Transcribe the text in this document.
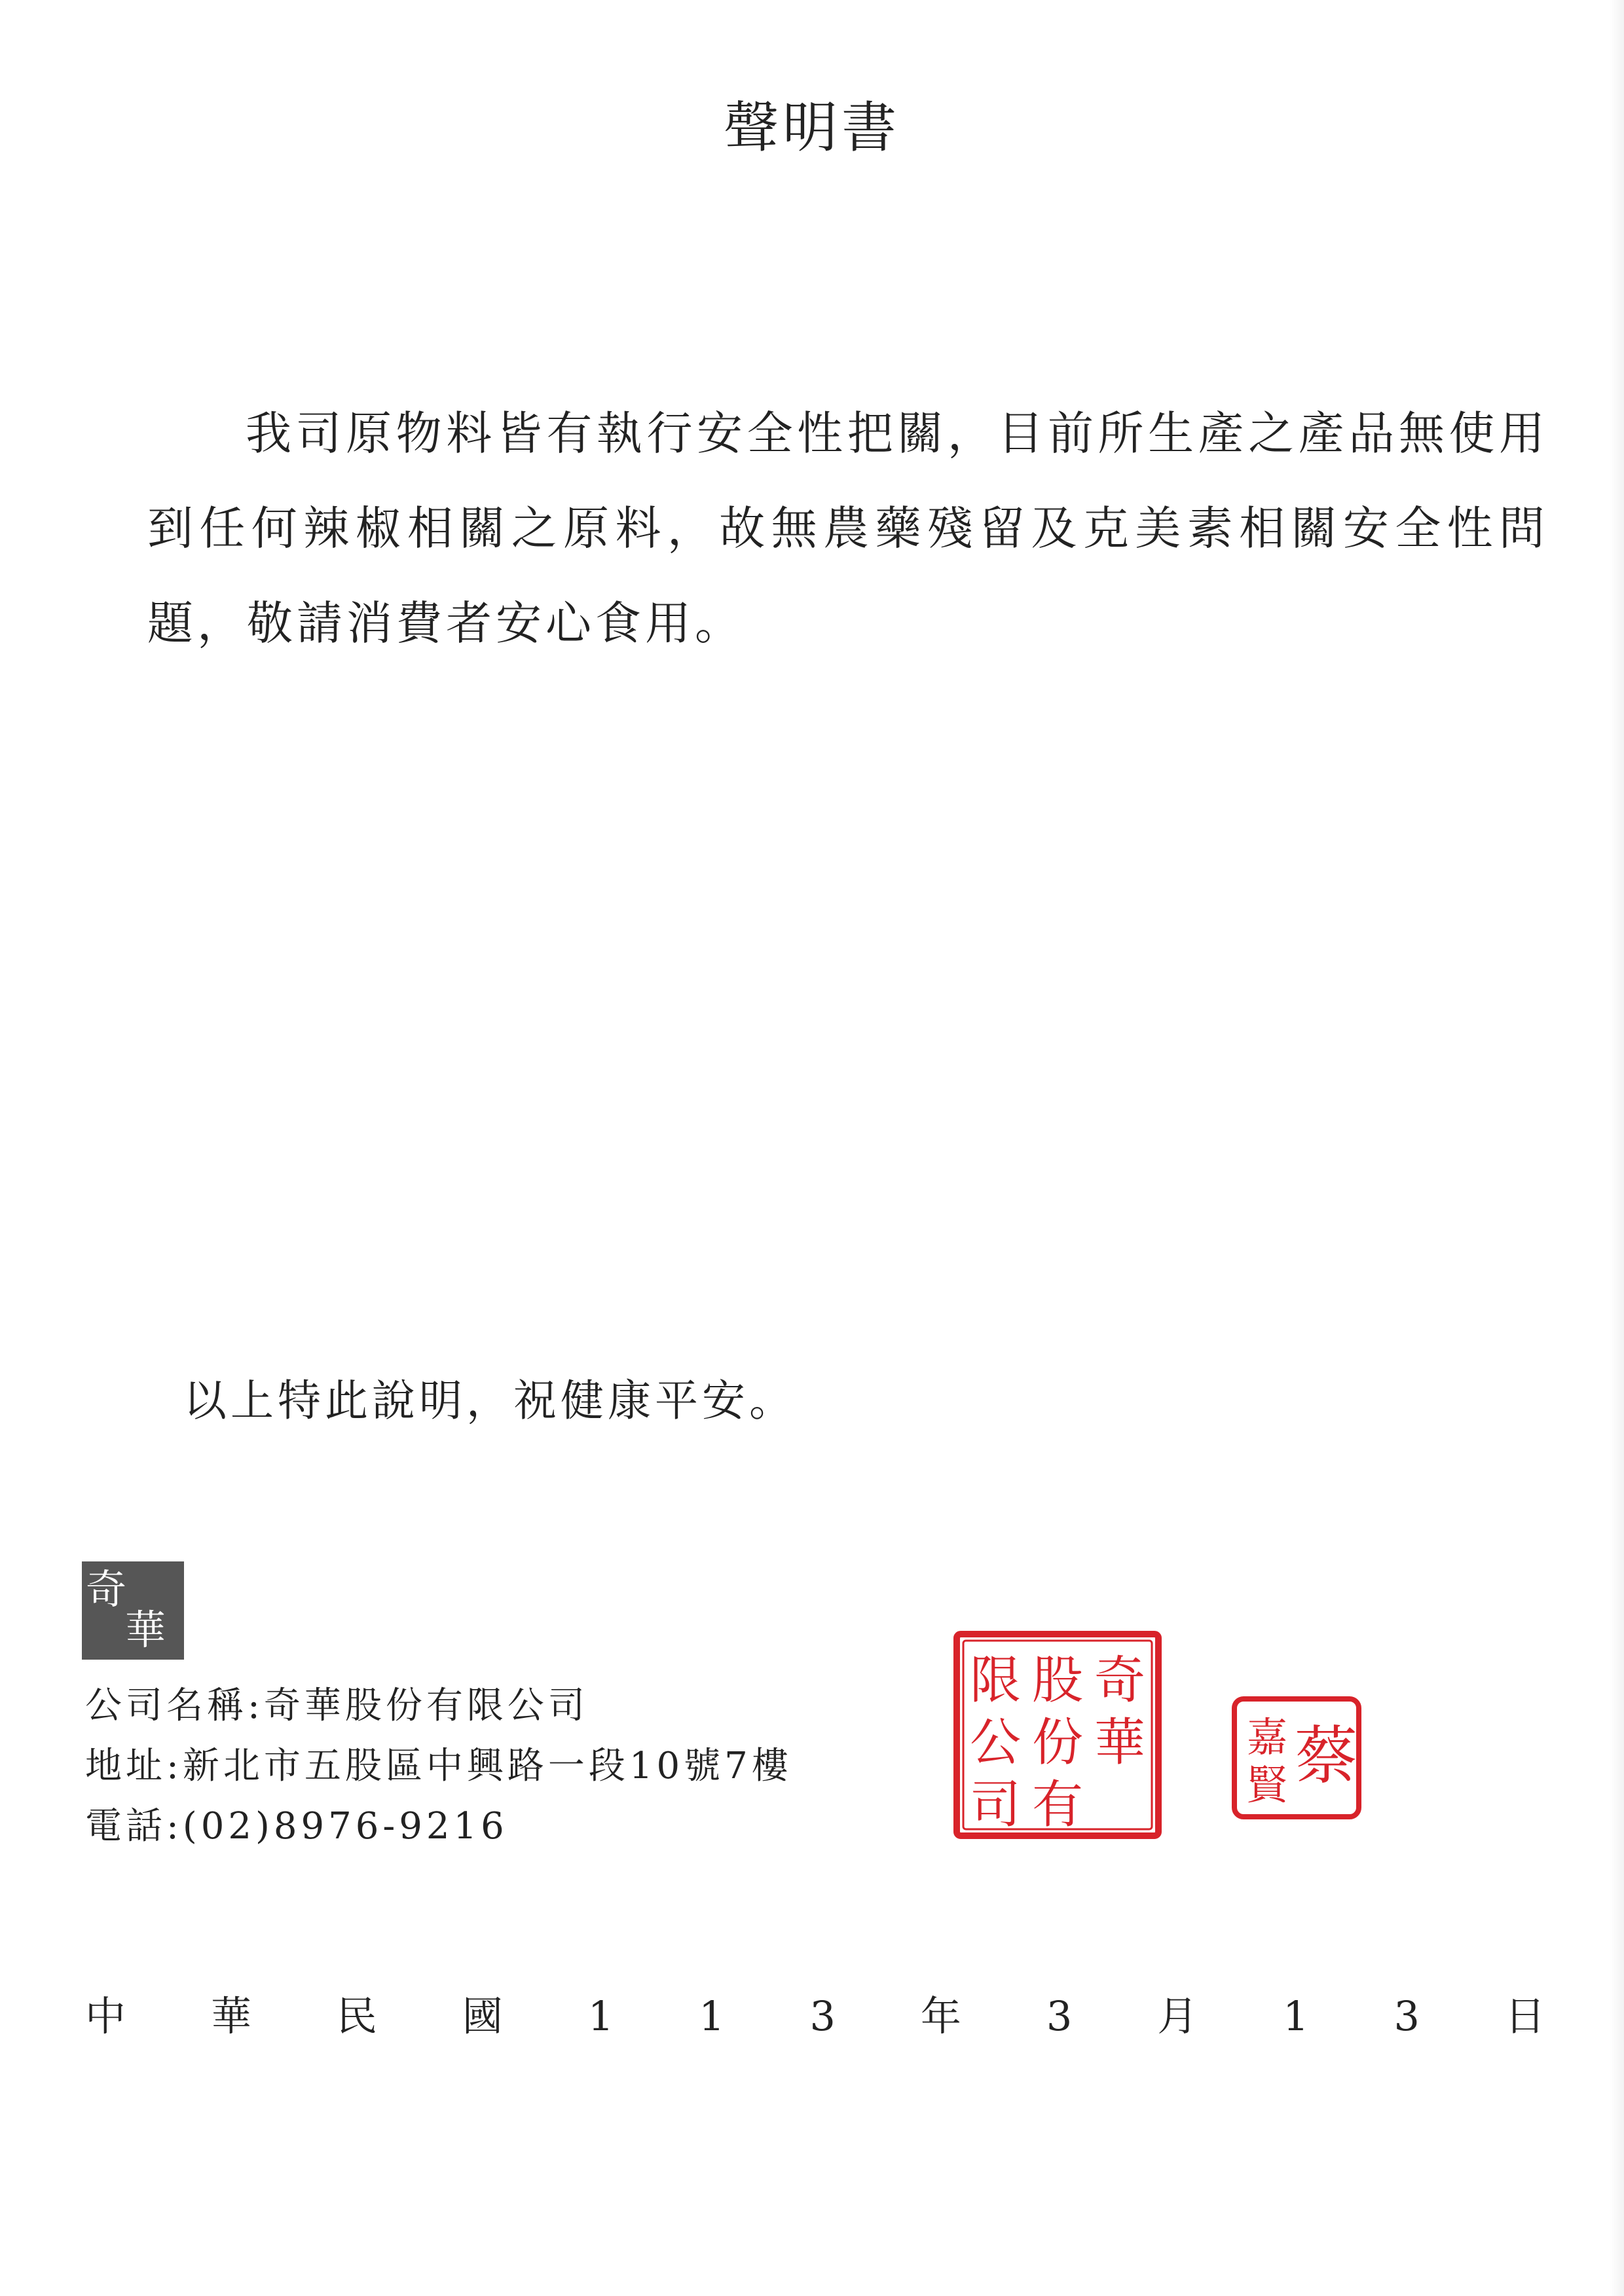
聲明書
我司原物料皆有執行安全性把關，目前所生產之產品無使用到任何辣椒相關之原料，故無農藥殘留及克美素相關安全性問題，敬請消費者安心食用。
以上特此說明，祝健康平安。
奇
華
公司名稱:奇華股份有限公司
地址:新北市五股區中興路一段10號7樓
電話:(02)8976-9216
奇
華
股
份
有
限
公
司
蔡
嘉
賢
中 華 民 國 1 1 3 年 3 月 1 3 日
